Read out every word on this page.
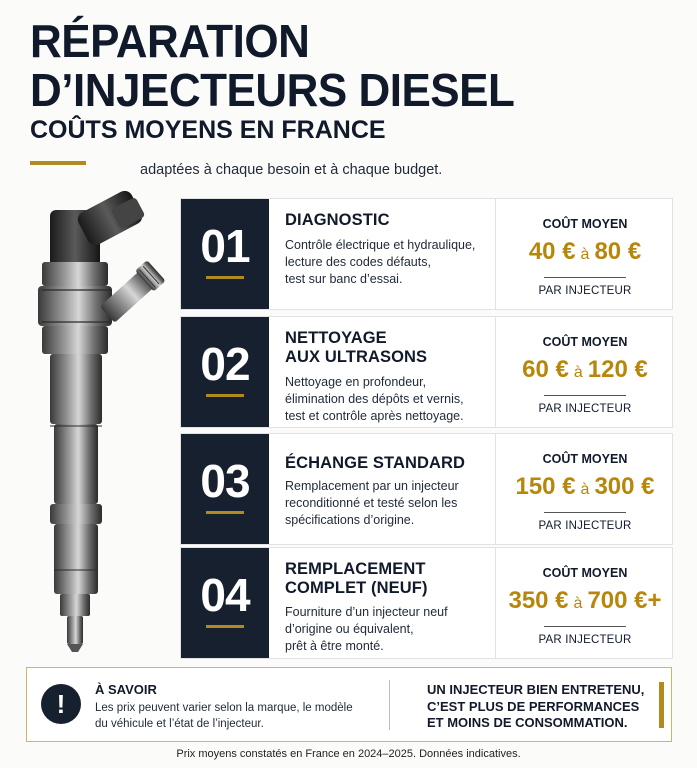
RÉPARATION
D’INJECTEURS DIESEL
COÛTS MOYENS EN FRANCE
adaptées à chaque besoin et à chaque budget.
01	DIAGNOSTIC
Contrôle électrique et hydraulique,
lecture des codes défauts,
test sur banc d’essai.
COÛT MOYEN
40 € à 80 €
PAR INJECTEUR
02	NETTOYAGE
AUX ULTRASONS
Nettoyage en profondeur,
élimination des dépôts et vernis,
test et contrôle après nettoyage.
COÛT MOYEN
60 € à 120 €
PAR INJECTEUR
03	ÉCHANGE STANDARD
Remplacement par un injecteur
reconditionné et testé selon les
spécifications d’origine.
COÛT MOYEN
150 € à 300 €
PAR INJECTEUR
04	REMPLACEMENT
COMPLET (NEUF)
Fourniture d’un injecteur neuf
d’origine ou équivalent,
prêt à être monté.
COÛT MOYEN
350 € à 700 €+
PAR INJECTEUR
!	À SAVOIR
Les prix peuvent varier selon la marque, le modèle
du véhicule et l’état de l’injecteur.
UN INJECTEUR BIEN ENTRETENU,
C’EST PLUS DE PERFORMANCES
ET MOINS DE CONSOMMATION.
Prix moyens constatés en France en 2024–2025. Données indicatives.
